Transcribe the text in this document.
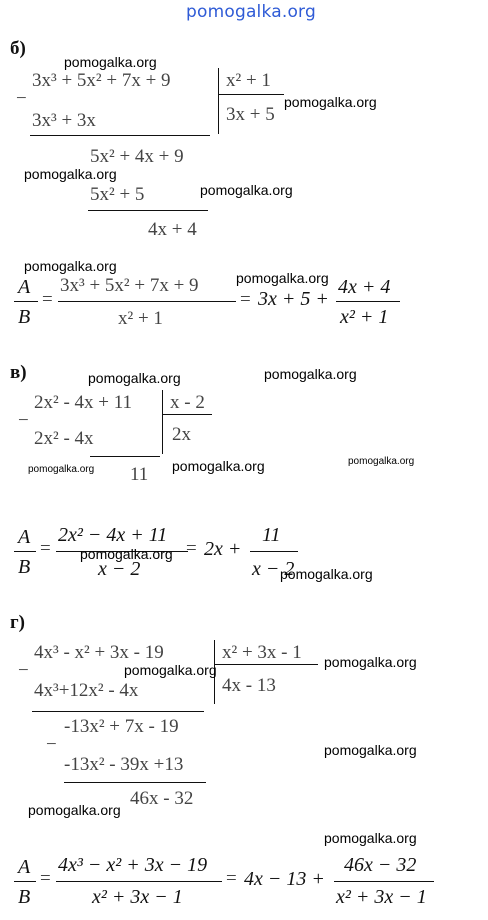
pomogalka.org
б)
pomogalka.org
−
3x³ + 5x² + 7x + 9	x² + 1
3x + 5
pomogalka.org
3x³ + 3x
5x² + 4x + 9
pomogalka.org
5x² + 5	pomogalka.org
4x + 4
pomogalka.org
pomogalka.org
A
B
=
3x³ + 5x² + 7x + 9
x² + 1
= 3x + 5 +
4x + 4
x² + 1
в)	pomogalka.org	pomogalka.org
−
2x² - 4x + 11 x - 2
2x
2x² - 4x
pomogalka.org 11 pomogalka.org	pomogalka.org
A
B
=
2x² − 4x + 11
pomogalka.org
x − 2
= 2x +
11
x − 2
pomogalka.org
г)
−
4x³ - x² + 3x - 19	x² + 3x - 1 pomogalka.org
pomogalka.org
4x - 13
4x³+12x² - 4x
−
-13x² + 7x - 19
pomogalka.org
-13x² - 39x +13
46x - 32
pomogalka.org
pomogalka.org
A
B
=
4x³ − x² + 3x − 19
x² + 3x − 1
= 4x − 13 +
46x − 32
x² + 3x − 1
